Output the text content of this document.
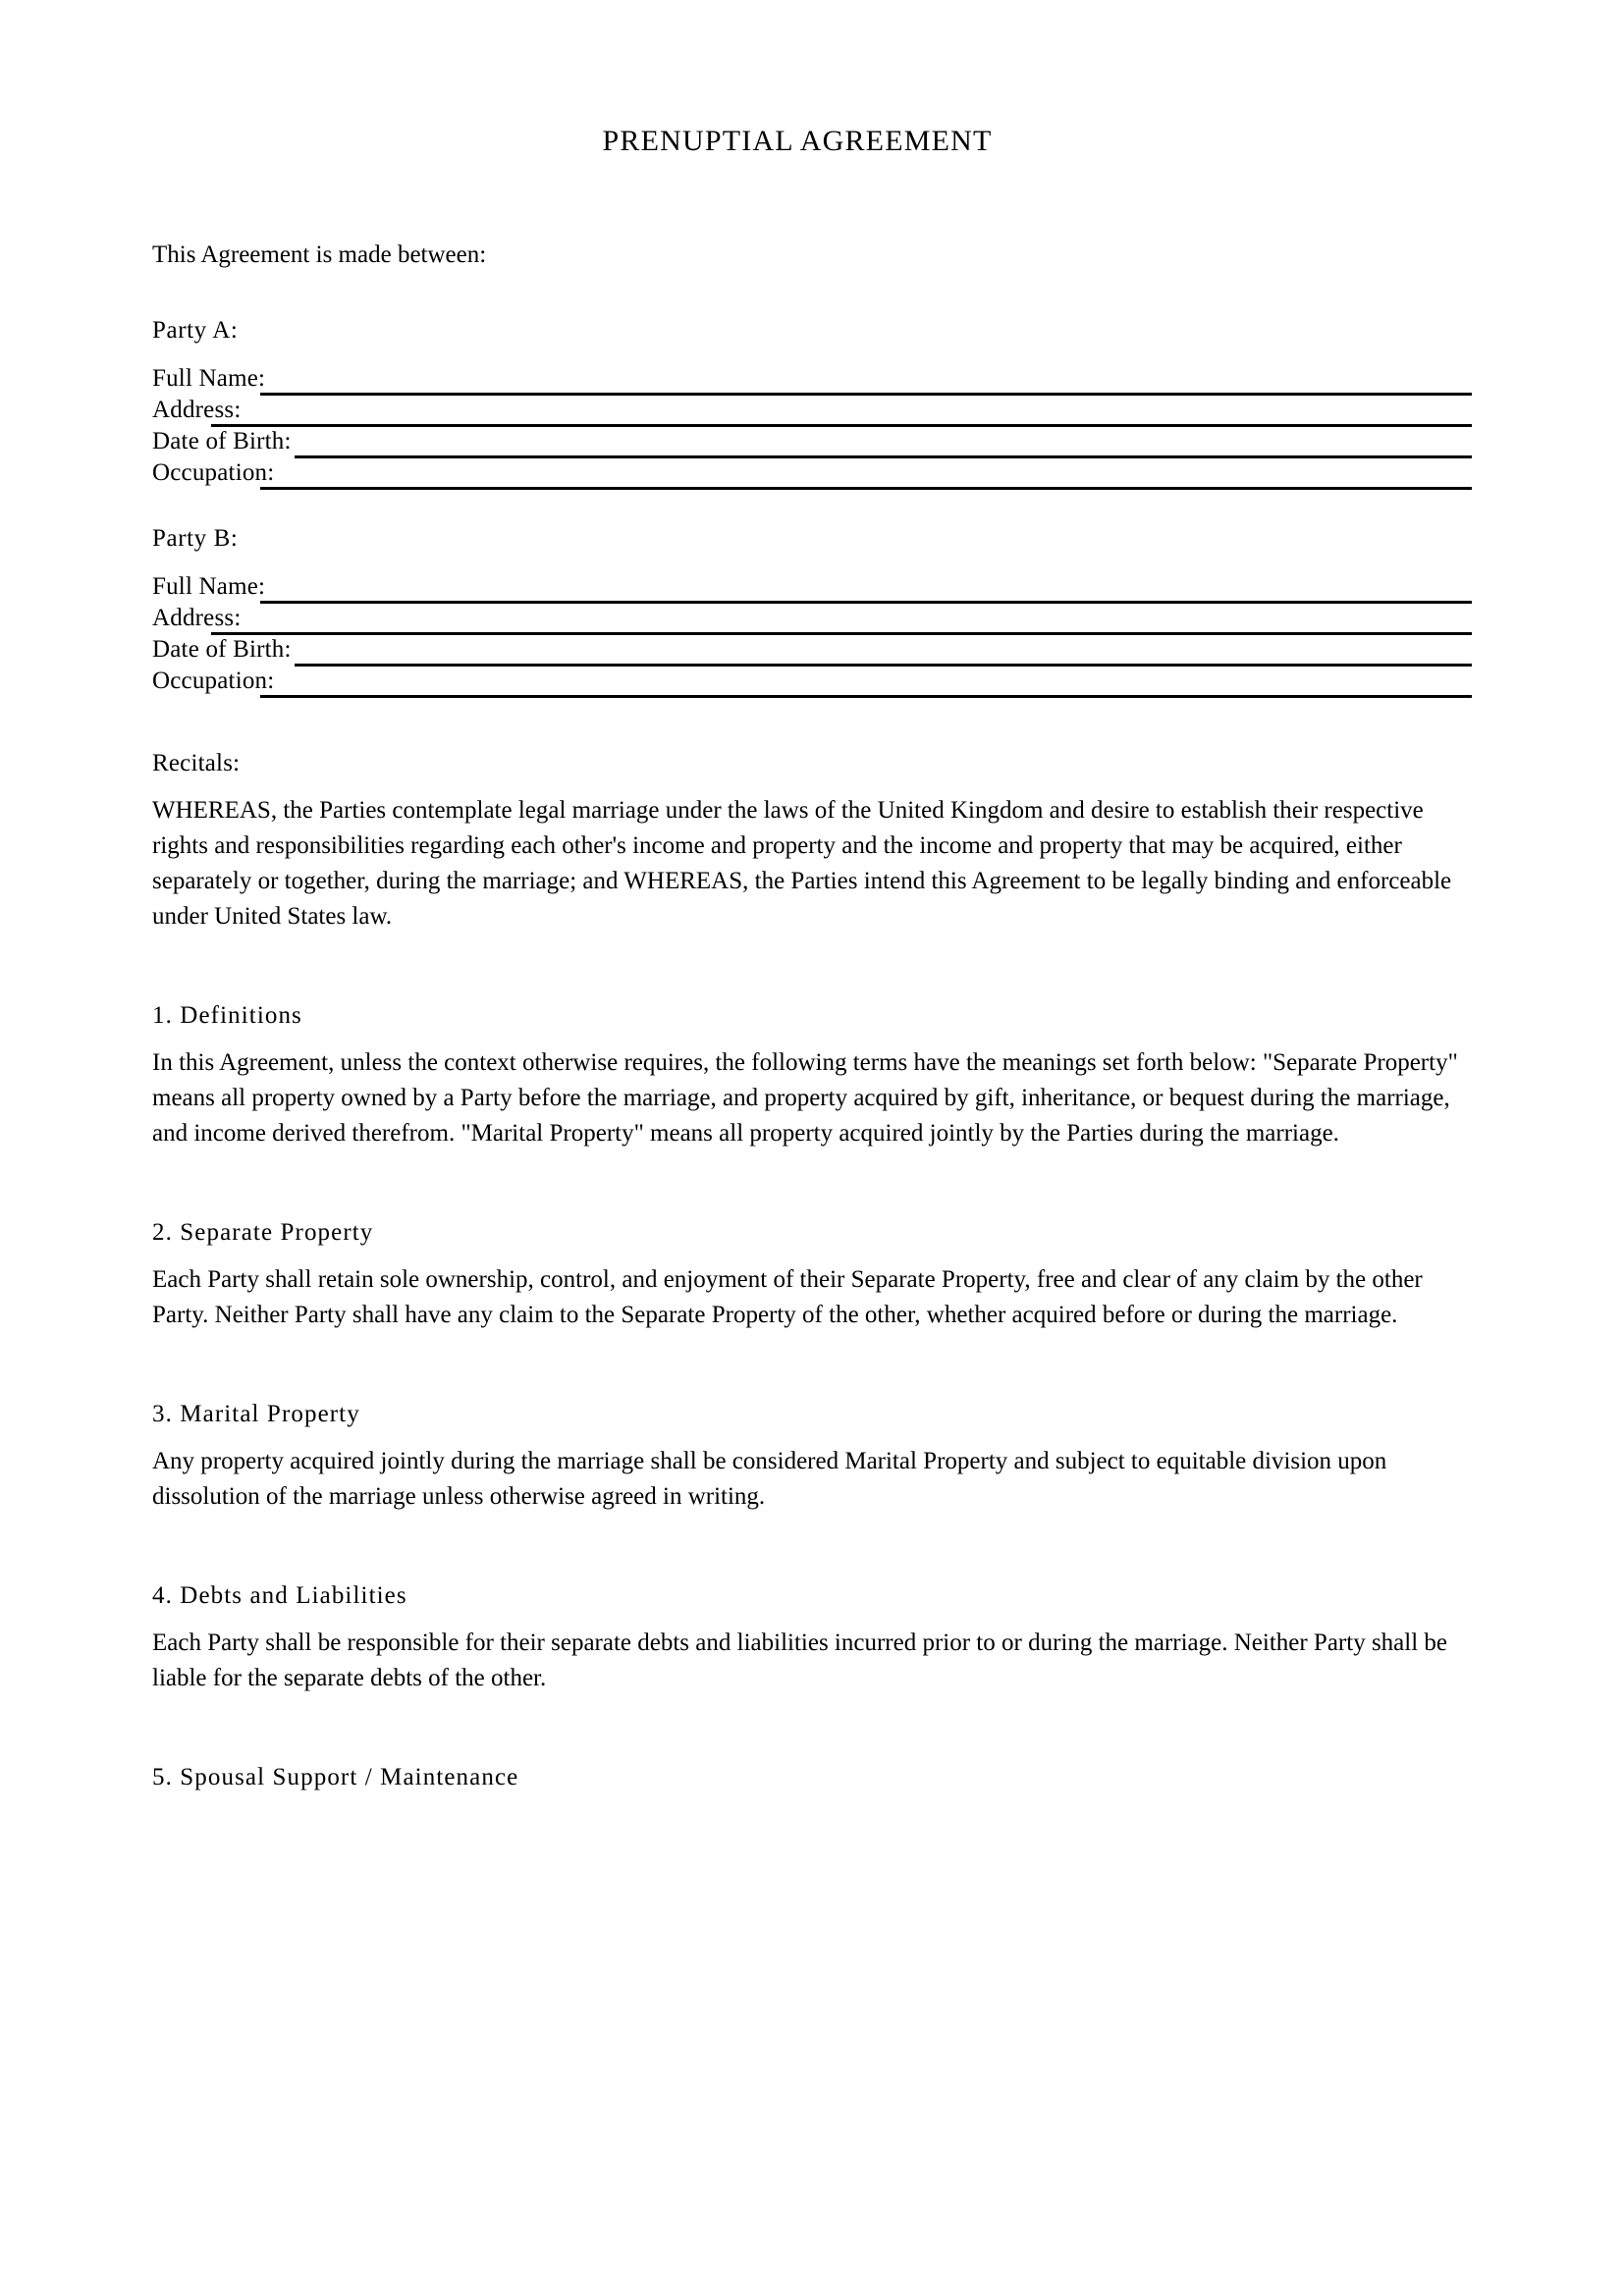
PRENUPTIAL AGREEMENT

This Agreement is made between:

Party A:
Full Name:
Address:
Date of Birth:
Occupation:
Party B:
Full Name:
Address:
Date of Birth:
Occupation:
Recitals:

WHEREAS, the Parties contemplate legal marriage under the laws of the United Kingdom and desire to establish their respective rights and responsibilities regarding each other's income and property and the income and property that may be acquired, either separately or together, during the marriage; and WHEREAS, the Parties intend this Agreement to be legally binding and enforceable under United States law.

1. Definitions

In this Agreement, unless the context otherwise requires, the following terms have the meanings set forth below: "Separate Property" means all property owned by a Party before the marriage, and property acquired by gift, inheritance, or bequest during the marriage, and income derived therefrom. "Marital Property" means all property acquired jointly by the Parties during the marriage.

2. Separate Property

Each Party shall retain sole ownership, control, and enjoyment of their Separate Property, free and clear of any claim by the other Party. Neither Party shall have any claim to the Separate Property of the other, whether acquired before or during the marriage.

3. Marital Property

Any property acquired jointly during the marriage shall be considered Marital Property and subject to equitable division upon dissolution of the marriage unless otherwise agreed in writing.

4. Debts and Liabilities

Each Party shall be responsible for their separate debts and liabilities incurred prior to or during the marriage. Neither Party shall be liable for the separate debts of the other.

5. Spousal Support / Maintenance
